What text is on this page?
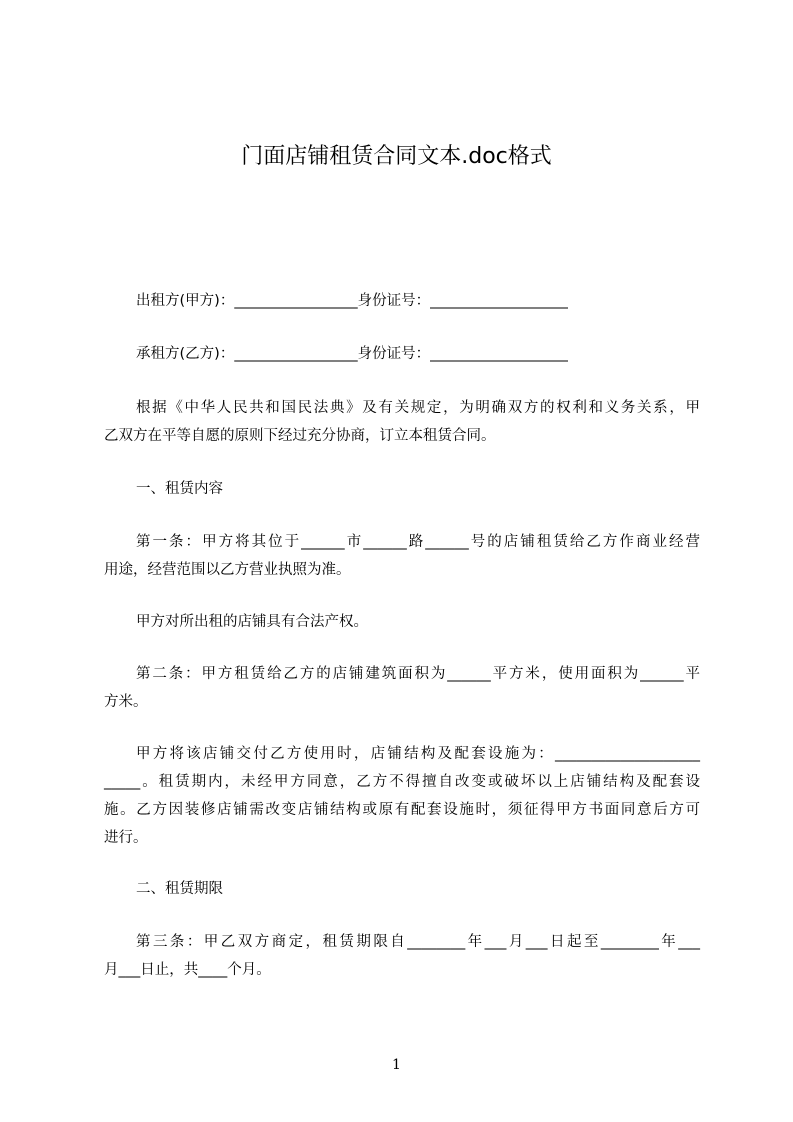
门面店铺租赁合同文本.doc格式
出租方(甲方)：_________________身份证号：___________________
承租方(乙方)：_________________身份证号：___________________
根据《中华人民共和国民法典》及有关规定，为明确双方的权利和义务关系，甲
乙双方在平等自愿的原则下经过充分协商，订立本租赁合同。
一、租赁内容
第一条：甲方将其位于______市______路______号的店铺租赁给乙方作商业经营
用途，经营范围以乙方营业执照为准。
甲方对所出租的店铺具有合法产权。
第二条：甲方租赁给乙方的店铺建筑面积为______平方米，使用面积为______平
方米。
甲方将该店铺交付乙方使用时，店铺结构及配套设施为：____________________
_____。租赁期内，未经甲方同意，乙方不得擅自改变或破坏以上店铺结构及配套设
施。乙方因装修店铺需改变店铺结构或原有配套设施时，须征得甲方书面同意后方可
进行。
二、租赁期限
第三条：甲乙双方商定，租赁期限自________年___月___日起至________年___
月___日止，共____个月。
1
